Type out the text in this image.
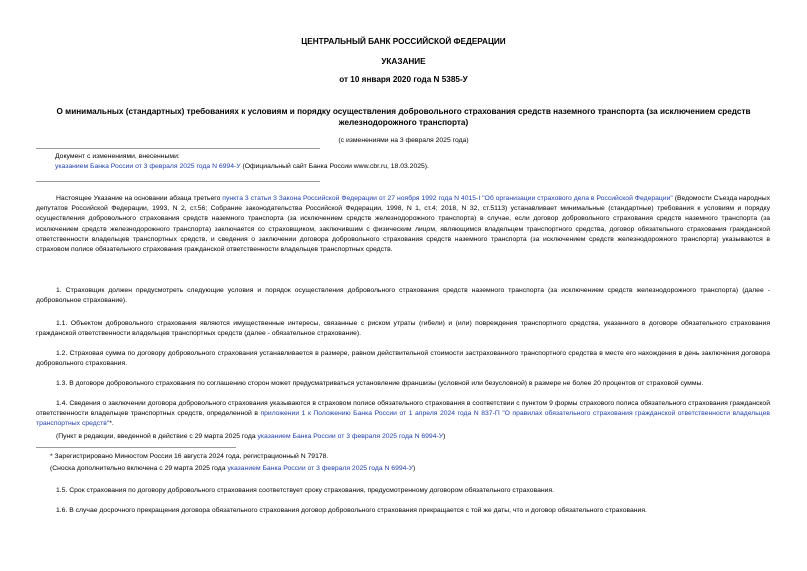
ЦЕНТРАЛЬНЫЙ БАНК РОССИЙСКОЙ ФЕДЕРАЦИИ
УКАЗАНИЕ
от 10 января 2020 года N 5385-У
О минимальных (стандартных) требованиях к условиям и порядку осуществления добровольного страхования средств наземного транспорта (за исключением средств железнодорожного транспорта)
(с изменениями на 3 февраля 2025 года)
Документ с изменениями, внесенными:
указанием Банка России от 3 февраля 2025 года N 6994-У (Официальный сайт Банка России www.cbr.ru, 18.03.2025).
Настоящее Указание на основании абзаца третьего пункта 3 статьи 3 Закона Российской Федерации от 27 ноября 1992 года N 4015-I "Об организации страхового дела в Российской Федерации" (Ведомости Съезда народных депутатов Российской Федерации, 1993, N 2, ст.56; Собрание законодательства Российской Федерации, 1998, N 1, ст.4; 2018, N 32, ст.5113) устанавливает минимальные (стандартные) требования к условиям и порядку осуществления добровольного страхования средств наземного транспорта (за исключением средств железнодорожного транспорта) в случае, если договор добровольного страхования средств наземного транспорта (за исключением средств железнодорожного транспорта) заключается со страховщиком, заключившим с физическим лицом, являющимся владельцем транспортного средства, договор обязательного страхования гражданской ответственности владельцев транспортных средств, и сведения о заключении договора добровольного страхования средств наземного транспорта (за исключением средств железнодорожного транспорта) указываются в страховом полисе обязательного страхования гражданской ответственности владельцев транспортных средств.
1. Страховщик должен предусмотреть следующие условия и порядок осуществления добровольного страхования средств наземного транспорта (за исключением средств железнодорожного транспорта) (далее - добровольное страхование).
1.1. Объектом добровольного страхования являются имущественные интересы, связанные с риском утраты (гибели) и (или) повреждения транспортного средства, указанного в договоре обязательного страхования гражданской ответственности владельцев транспортных средств (далее - обязательное страхование).
1.2. Страховая сумма по договору добровольного страхования устанавливается в размере, равном действительной стоимости застрахованного транспортного средства в месте его нахождения в день заключения договора добровольного страхования.
1.3. В договоре добровольного страхования по соглашению сторон может предусматриваться установление франшизы (условной или безусловной) в размере не более 20 процентов от страховой суммы.
1.4. Сведения о заключении договора добровольного страхования указываются в страховом полисе обязательного страхования в соответствии с пунктом 9 формы страхового полиса обязательного страхования гражданской ответственности владельцев транспортных средств, определенной в приложении 1 к Положению Банка России от 1 апреля 2024 года N 837-П "О правилах обязательного страхования гражданской ответственности владельцев транспортных средств"*.
(Пункт в редакции, введенной в действие с 29 марта 2025 года указанием Банка России от 3 февраля 2025 года N 6994-У)
* Зарегистрировано Минюстом России 16 августа 2024 года, регистрационный N 79178.
(Сноска дополнительно включена с 29 марта 2025 года указанием Банка России от 3 февраля 2025 года N 6994-У)
1.5. Срок страхования по договору добровольного страхования соответствует сроку страхования, предусмотренному договором обязательного страхования.
1.6. В случае досрочного прекращения договора обязательного страхования договор добровольного страхования прекращается с той же даты, что и договор обязательного страхования.
